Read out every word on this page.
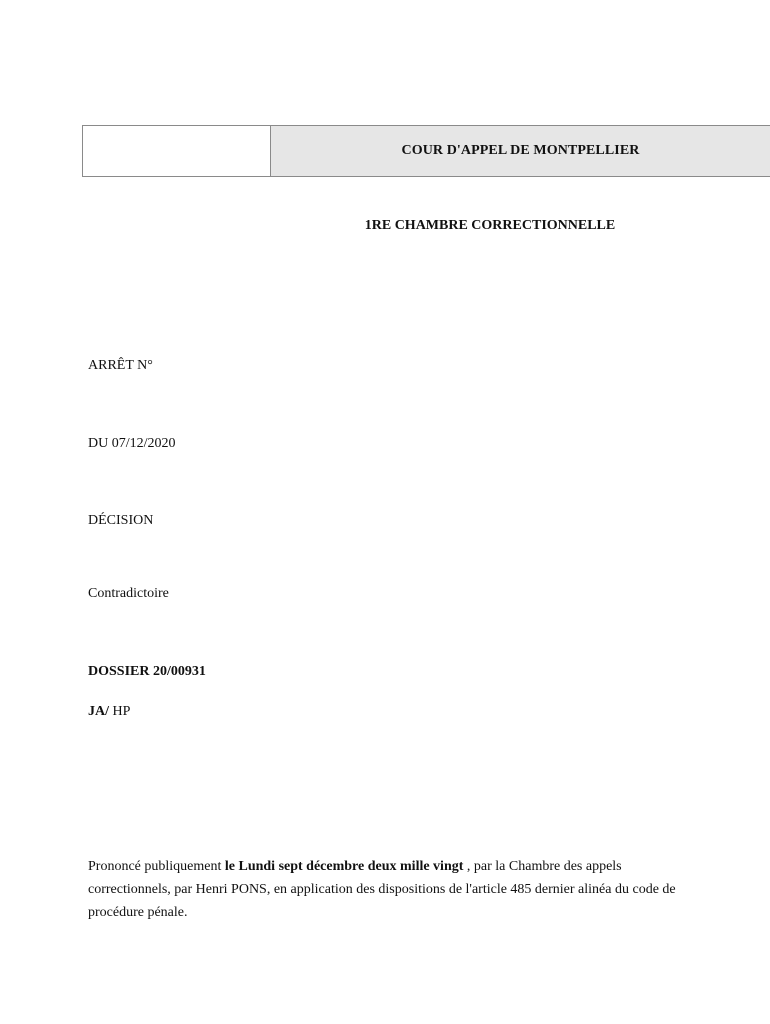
COUR D'APPEL DE MONTPELLIER
1RE CHAMBRE CORRECTIONNELLE
ARRÊT N°
DU 07/12/2020
DÉCISION
Contradictoire
DOSSIER 20/00931
JA/ HP
Prononcé publiquement le Lundi sept décembre deux mille vingt , par la Chambre des appels correctionnels, par Henri PONS, en application des dispositions de l'article 485 dernier alinéa du code de procédure pénale.
